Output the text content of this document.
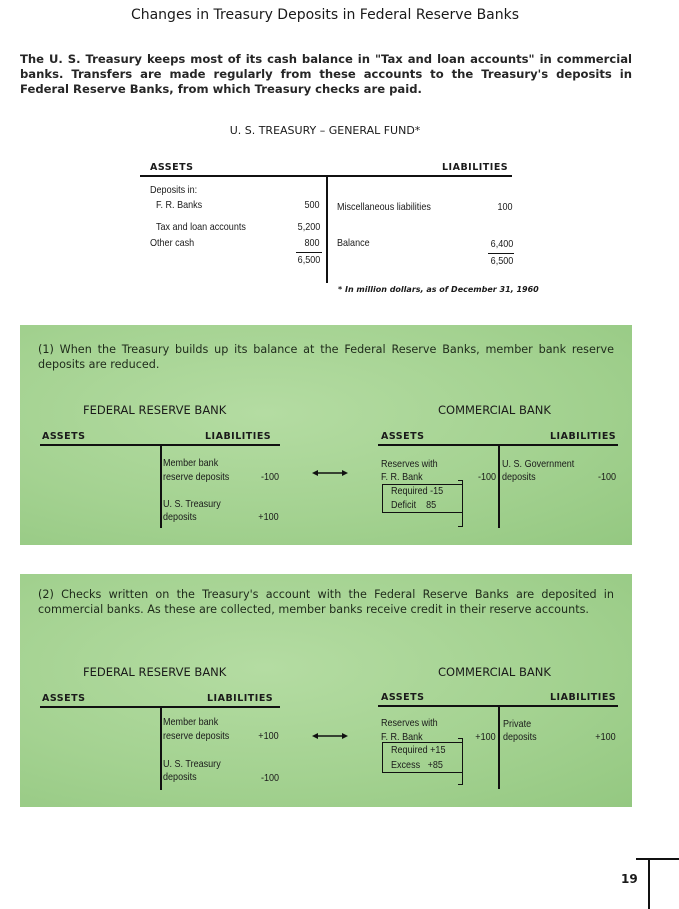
Changes in Treasury Deposits in Federal Reserve Banks
The U. S. Treasury keeps most of its cash balance in "Tax and loan accounts" in commercial banks. Transfers are made regularly from these accounts to the Treasury's deposits in Federal Reserve Banks, from which Treasury checks are paid.
U. S. TREASURY – GENERAL FUND*
ASSETS	LIABILITIES
Deposits in:
F. R. Banks	500
Tax and loan accounts	5,200
Other cash	800
6,500
Miscellaneous liabilities	100
Balance	6,400
6,500
* In million dollars, as of December 31, 1960
(1) When the Treasury builds up its balance at the Federal Reserve Banks, member bank reserve deposits are reduced.
FEDERAL RESERVE BANK	COMMERCIAL BANK
ASSETS	LIABILITIES
Member bank
reserve deposits	-100
U. S. Treasury
deposits	+100
ASSETS	LIABILITIES
Reserves with
F. R. Bank	-100
Required -15
Deficit    85
U. S. Government
deposits	-100
(2) Checks written on the Treasury's account with the Federal Reserve Banks are deposited in commercial banks. As these are collected, member banks receive credit in their reserve accounts.
FEDERAL RESERVE BANK	COMMERCIAL BANK
ASSETS	LIABILITIES
Member bank
reserve deposits	+100
U. S. Treasury
deposits	-100
ASSETS	LIABILITIES
Reserves with
F. R. Bank	+100
Required +15
Excess   +85
Private
deposits	+100
19
